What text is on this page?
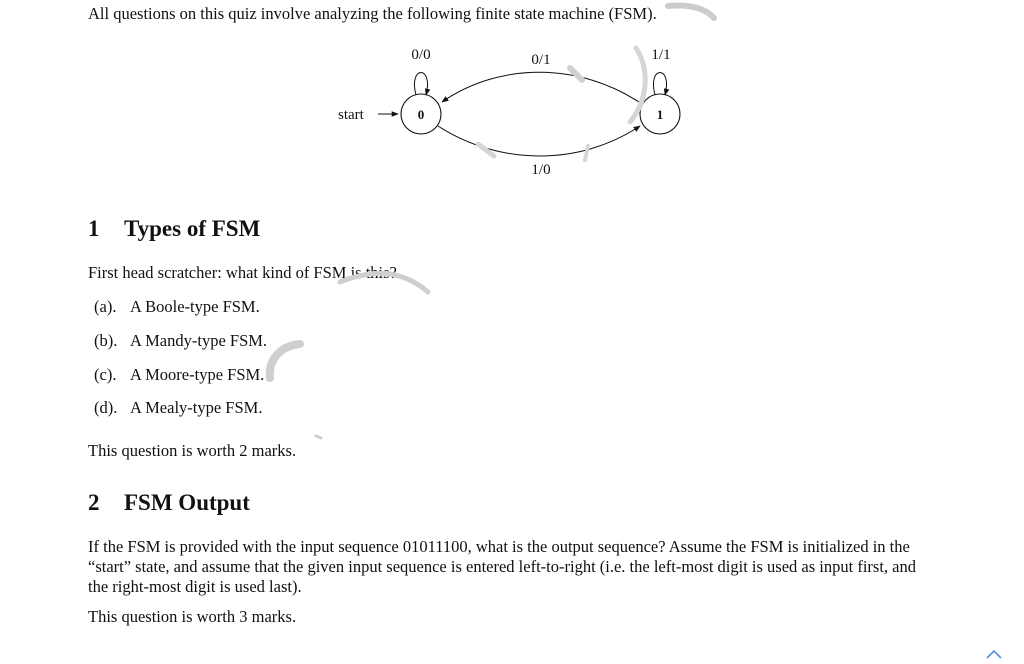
All questions on this quiz involve analyzing the following finite state machine (FSM).
start	0	1
0/0	1/1
0/1
1/0
1 Types of FSM
First head scratcher: what kind of FSM is this?
(a). A Boole-type FSM.
(b). A Mandy-type FSM.
(c). A Moore-type FSM.
(d). A Mealy-type FSM.
This question is worth 2 marks.
2 FSM Output
If the FSM is provided with the input sequence 01011100, what is the output sequence? Assume the FSM is initialized in the “start” state, and assume that the given input sequence is entered left-to-right (i.e. the left-most digit is used as input first, and the right-most digit is used last).
This question is worth 3 marks.
